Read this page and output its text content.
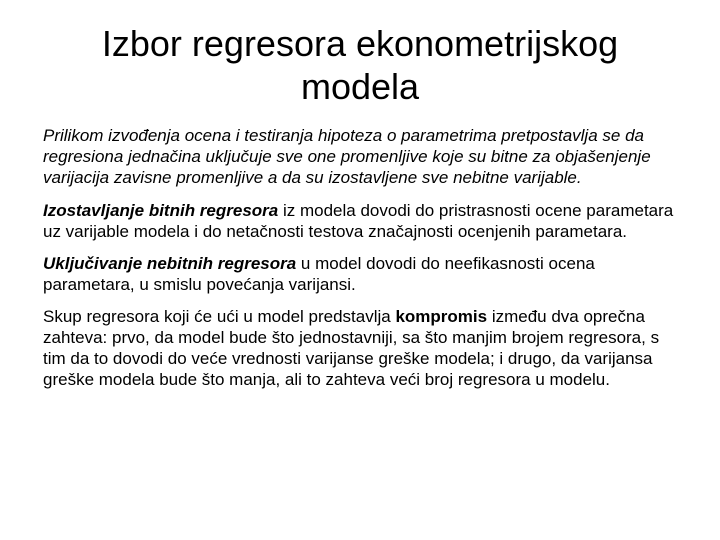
Izbor regresora ekonometrijskog modela

Prilikom izvođenja ocena i testiranja hipoteza o parametrima pretpostavlja se da regresiona jednačina uključuje sve one promenljive koje su bitne za objašenjenje varijacija zavisne promenljive a da su izostavljene sve nebitne varijable.

Izostavljanje bitnih regresora iz modela dovodi do pristrasnosti ocene parametara uz varijable modela i do netačnosti testova značajnosti ocenjenih parametara.

Uključivanje nebitnih regresora u model dovodi do neefikasnosti ocena parametara, u smislu povećanja varijansi.

Skup regresora koji će ući u model predstavlja kompromis između dva oprečna zahteva: prvo, da model bude što jednostavniji, sa što manjim brojem regresora, s tim da to dovodi do veće vrednosti varijanse greške modela; i drugo, da varijansa greške modela bude što manja, ali to zahteva veći broj regresora u modelu.
